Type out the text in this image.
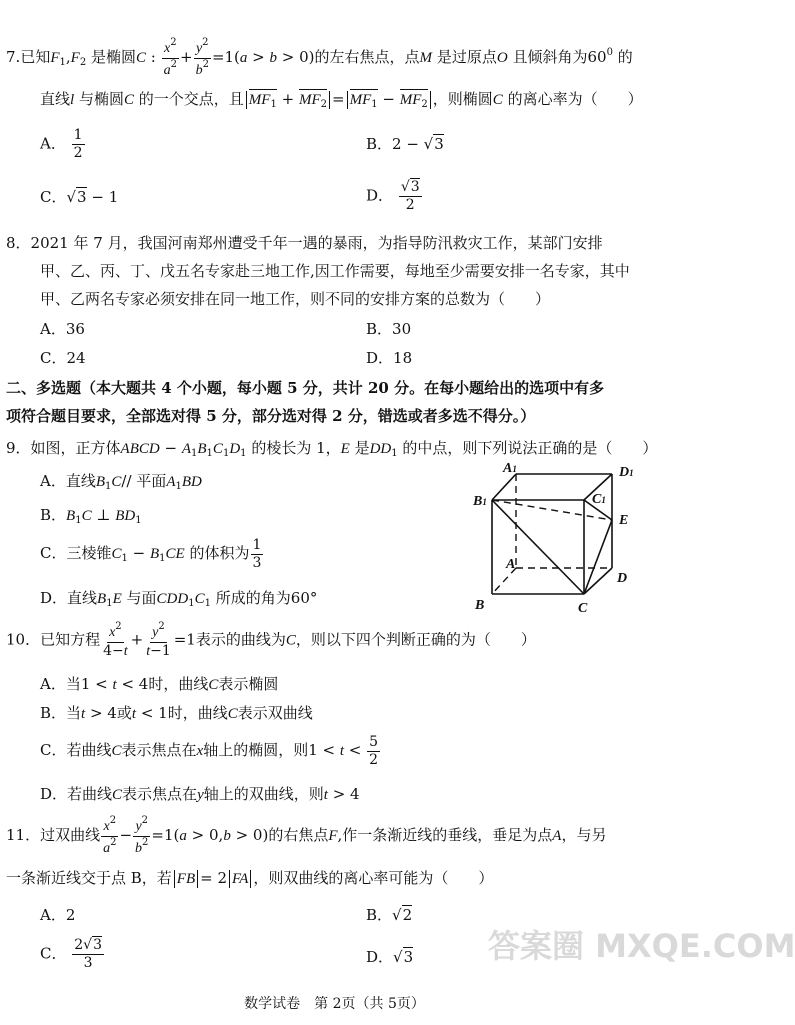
7.已知$F_1,F_2$ 是椭圆C : $\frac{x^2}{a^2} + \frac{y^2}{b^2} =1(a > b > 0)$的左右焦点，点M 是过原点O 且倾斜角为$60^0$ 的
直线l 与椭圆C 的一个交点，且 $MF_1 + MF_2 = MF_1 - MF_2$ ，则椭圆C 的离心率为（　　）
A． $\frac{1}{2}$	B．2 − √3
C．√3 − 1	D． $\frac{√3}{2}$
8．2021 年 7 月，我国河南郑州遭受千年一遇的暴雨，为指导防汛救灾工作，某部门安排
甲、乙、丙、丁、戊五名专家赴三地工作,因工作需要，每地至少需要安排一名专家，其中
甲、乙两名专家必须安排在同一地工作，则不同的安排方案的总数为（　　）
A．36	B．30
C．24	D．18
二、多选题（本大题共 4 个小题，每小题 5 分，共计 20 分。在每小题给出的选项中有多
项符合题目要求，全部选对得 5 分，部分选对得 2 分，错选或者多选不得分。）
9．如图，正方体ABCD − $A_1B_1C_1D_1$ 的棱长为 1，E 是$DD_1$ 的中点，则下列说法正确的是（　　）
A．直线$B_1C//$ 平面$A_1BD$
B．$B_1C$ ⊥ $BD_1$
C．三棱锥$C_1 - B_1CE$ 的体积为 $\frac{1}{3}$
D．直线$B_1E$ 与面$CDD_1C_1$ 所成的角为60°
A1	D1
B1	C1
E
A
D
B	C
10．已知方程 $\frac{x^2}{4-t} + \frac{y^2}{t-1} =1$表示的曲线为C，则以下四个判断正确的为（　　）
A．当1 < t < 4时，曲线C表示椭圆
B．当t > 4或t < 1时，曲线C表示双曲线
C．若曲线C表示焦点在x轴上的椭圆，则$1 < t < \frac{5}{2}$
D．若曲线C表示焦点在y轴上的双曲线，则t > 4
11．过双曲线 $\frac{x^2}{a^2} - \frac{y^2}{b^2} =1(a > 0,b > 0)$的右焦点F,作一条渐近线的垂线，垂足为点A，与另
一条渐近线交于点 B，若 FB = 2 FA ，则双曲线的离心率可能为（　　）
A．2	B．√2
C． $\frac{2√3}{3}$	D．√3 答案圈 MXQE.COM
数学试卷　第 2页（共 5页）
